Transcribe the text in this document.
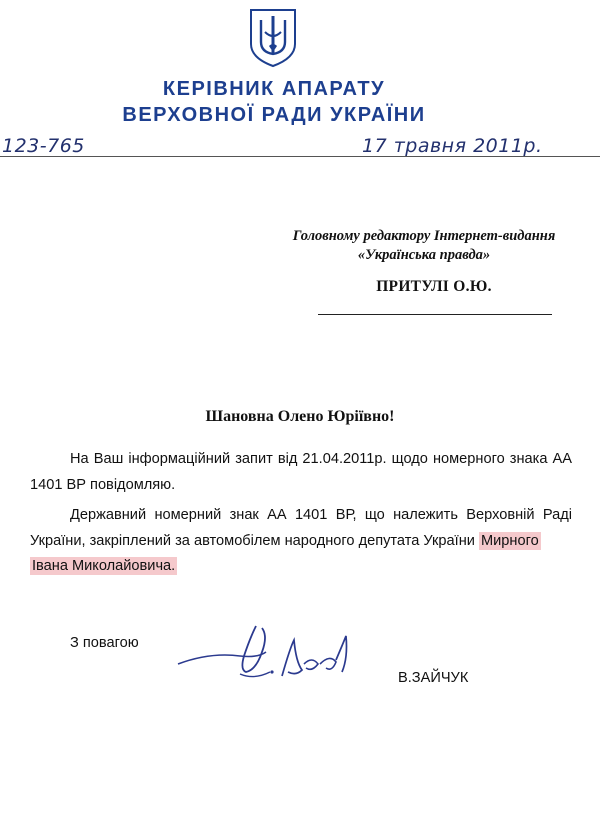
КЕРІВНИК АПАРАТУ
ВЕРХОВНОЇ РАДИ УКРАЇНИ
123-765	17 травня 2011р.
Головному редактору Інтернет-видання
«Українська правда»
ПРИТУЛІ О.Ю.
Шановна Олено Юріївно!
На Ваш інформаційний запит від 21.04.2011р. щодо номерного знака АА 1401 ВР повідомляю.
Державний номерний знак АА 1401 ВР, що належить Верховній Раді України, закріплений за автомобілем народного депутата України Мирного
Івана Миколайовича.
З повагою
В.ЗАЙЧУК
